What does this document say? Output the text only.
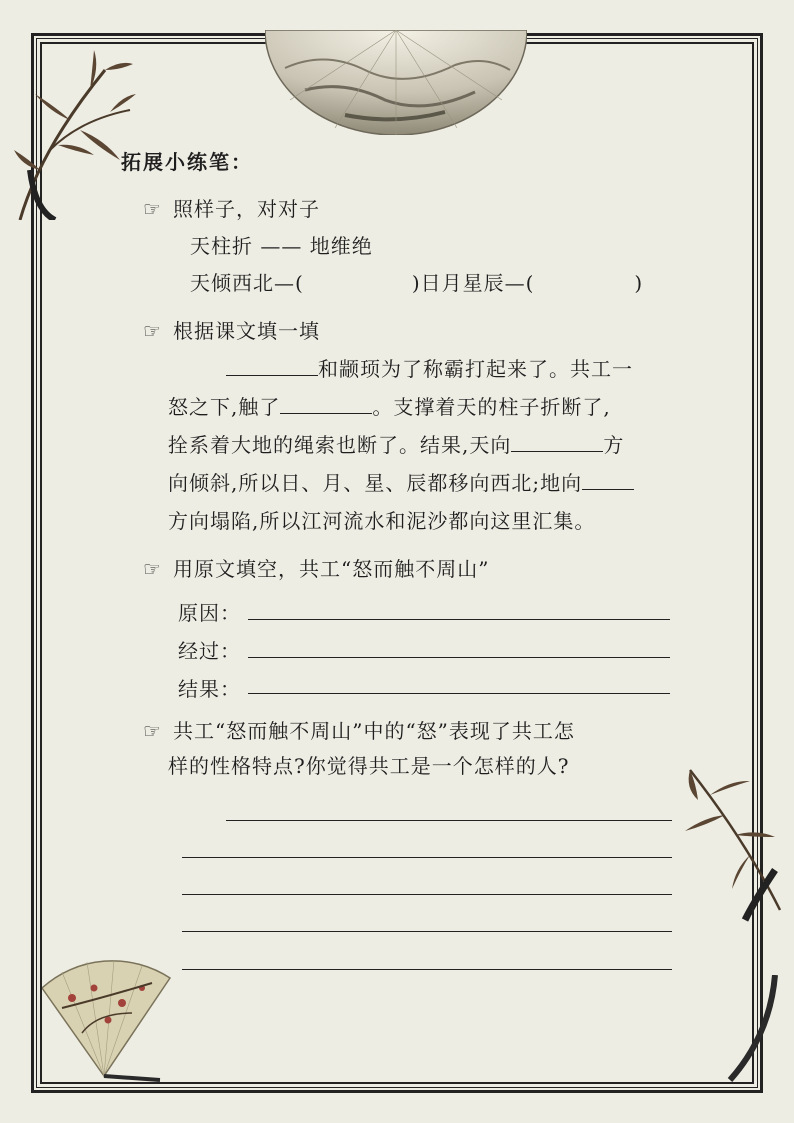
拓展小练笔：
☞ 照样子，对对子
天柱折 —— 地维绝
天倾西北—(	)日月星辰—(	)
☞ 根据课文填一填
和颛顼为了称霸打起来了。共工一
怒之下,触了	。支撑着天的柱子折断了,
拴系着大地的绳索也断了。结果,天向	方
向倾斜,所以日、月、星、辰都移向西北;地向
方向塌陷,所以江河流水和泥沙都向这里汇集。
☞ 用原文填空，共工“怒而触不周山”
原因：
经过：
结果：
☞ 共工“怒而触不周山”中的“怒”表现了共工怎
样的性格特点?你觉得共工是一个怎样的人?
